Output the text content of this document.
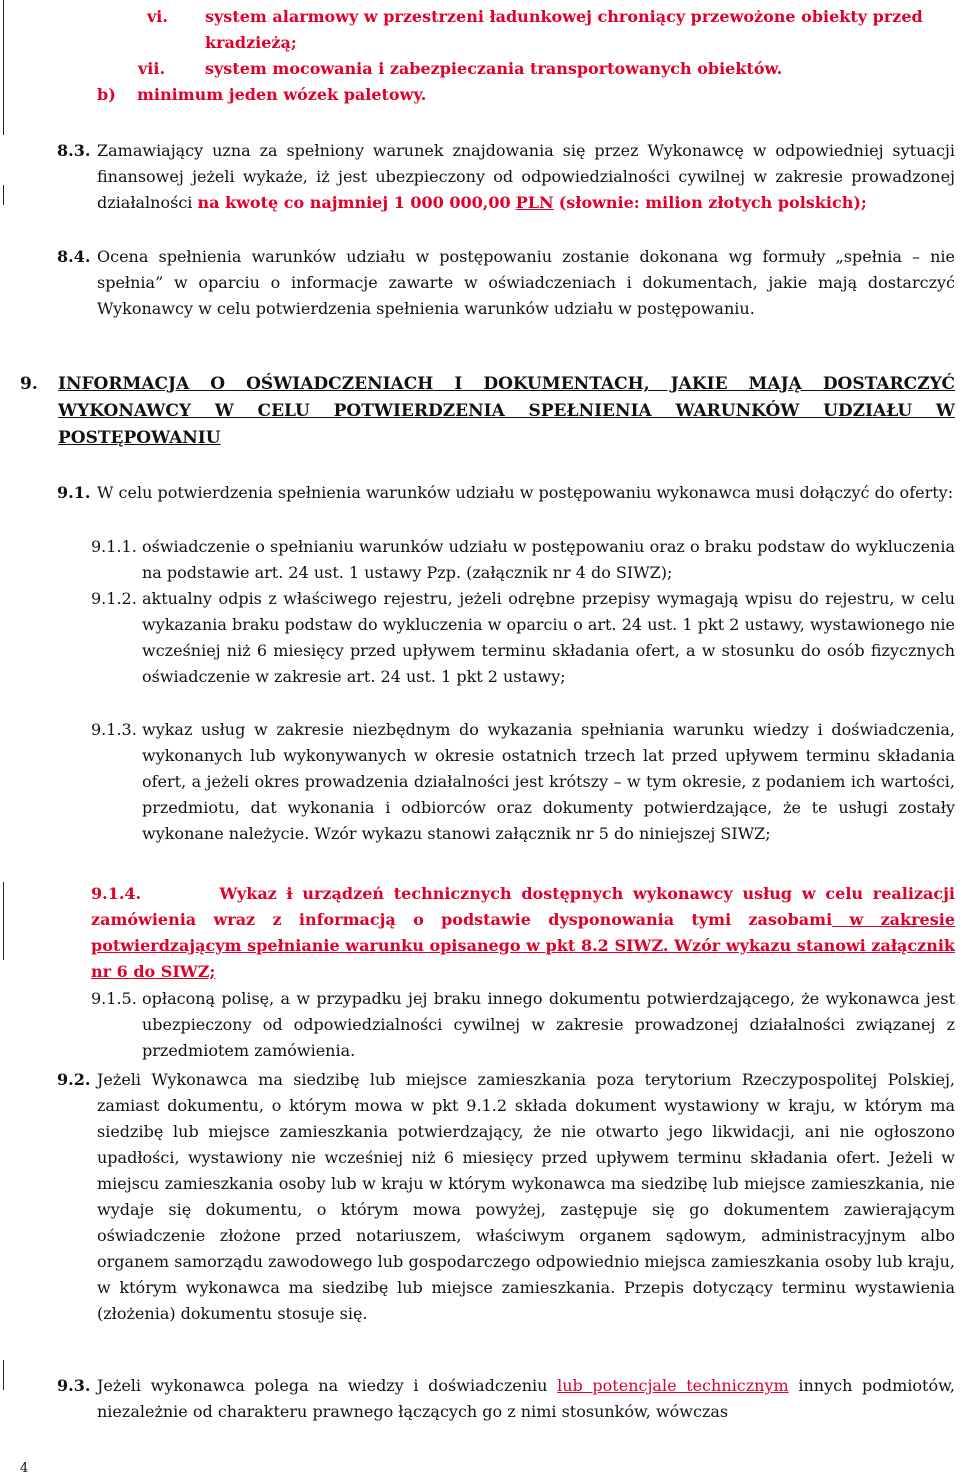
vi.	system alarmowy w przestrzeni ładunkowej chroniący przewożone obiekty przed kradzieżą;
vii.	system mocowania i zabezpieczania transportowanych obiektów.
b)	minimum jeden wózek paletowy.
8.3. Zamawiający uzna za spełniony warunek znajdowania się przez Wykonawcę w odpowiedniej sytuacji finansowej jeżeli wykaże, iż jest ubezpieczony od odpowiedzialności cywilnej w zakresie prowadzonej działalności na kwotę co najmniej 1 000 000,00 PLN (słownie: milion złotych polskich);
8.4. Ocena spełnienia warunków udziału w postępowaniu zostanie dokonana wg formuły „spełnia – nie spełnia” w oparciu o informacje zawarte w oświadczeniach i dokumentach, jakie mają dostarczyć Wykonawcy w celu potwierdzenia spełnienia warunków udziału w postępowaniu.
9. INFORMACJA O OŚWIADCZENIACH I DOKUMENTACH, JAKIE MAJĄ DOSTARCZYĆ WYKONAWCY W CELU POTWIERDZENIA SPEŁNIENIA WARUNKÓW UDZIAŁU W POSTĘPOWANIU
9.1. W celu potwierdzenia spełnienia warunków udziału w postępowaniu wykonawca musi dołączyć do oferty:
9.1.1. oświadczenie o spełnianiu warunków udziału w postępowaniu oraz o braku podstaw do wykluczenia na podstawie art. 24 ust. 1 ustawy Pzp. (załącznik nr 4 do SIWZ);
9.1.2. aktualny odpis z właściwego rejestru, jeżeli odrębne przepisy wymagają wpisu do rejestru, w celu wykazania braku podstaw do wykluczenia w oparciu o art. 24 ust. 1 pkt 2 ustawy, wystawionego nie wcześniej niż 6 miesięcy przed upływem terminu składania ofert, a w stosunku do osób fizycznych oświadczenie w zakresie art. 24 ust. 1 pkt 2 ustawy;
9.1.3. wykaz usług w zakresie niezbędnym do wykazania spełniania warunku wiedzy i doświadczenia, wykonanych lub wykonywanych w okresie ostatnich trzech lat przed upływem terminu składania ofert, a jeżeli okres prowadzenia działalności jest krótszy – w tym okresie, z podaniem ich wartości, przedmiotu, dat wykonania i odbiorców oraz dokumenty potwierdzające, że te usługi zostały wykonane należycie. Wzór wykazu stanowi załącznik nr 5 do niniejszej SIWZ;
9.1.4.	Wykaz i urządzeń technicznych dostępnych wykonawcy usług w celu realizacji zamówienia wraz z informacją o podstawie dysponowania tymi zasobami w zakresie potwierdzającym spełnianie warunku opisanego w pkt 8.2 SIWZ. Wzór wykazu stanowi załącznik nr 6 do SIWZ;
9.1.5. opłaconą polisę, a w przypadku jej braku innego dokumentu potwierdzającego, że wykonawca jest ubezpieczony od odpowiedzialności cywilnej w zakresie prowadzonej działalności związanej z przedmiotem zamówienia.
9.2. Jeżeli Wykonawca ma siedzibę lub miejsce zamieszkania poza terytorium Rzeczypospolitej Polskiej, zamiast dokumentu, o którym mowa w pkt 9.1.2 składa dokument wystawiony w kraju, w którym ma siedzibę lub miejsce zamieszkania potwierdzający, że nie otwarto jego likwidacji, ani nie ogłoszono upadłości, wystawiony nie wcześniej niż 6 miesięcy przed upływem terminu składania ofert. Jeżeli w miejscu zamieszkania osoby lub w kraju w którym wykonawca ma siedzibę lub miejsce zamieszkania, nie wydaje się dokumentu, o którym mowa powyżej, zastępuje się go dokumentem zawierającym oświadczenie złożone przed notariuszem, właściwym organem sądowym, administracyjnym albo organem samorządu zawodowego lub gospodarczego odpowiednio miejsca zamieszkania osoby lub kraju, w którym wykonawca ma siedzibę lub miejsce zamieszkania. Przepis dotyczący terminu wystawienia (złożenia) dokumentu stosuje się.
9.3. Jeżeli wykonawca polega na wiedzy i doświadczeniu lub potencjale technicznym innych podmiotów, niezależnie od charakteru prawnego łączących go z nimi stosunków, wówczas
4
